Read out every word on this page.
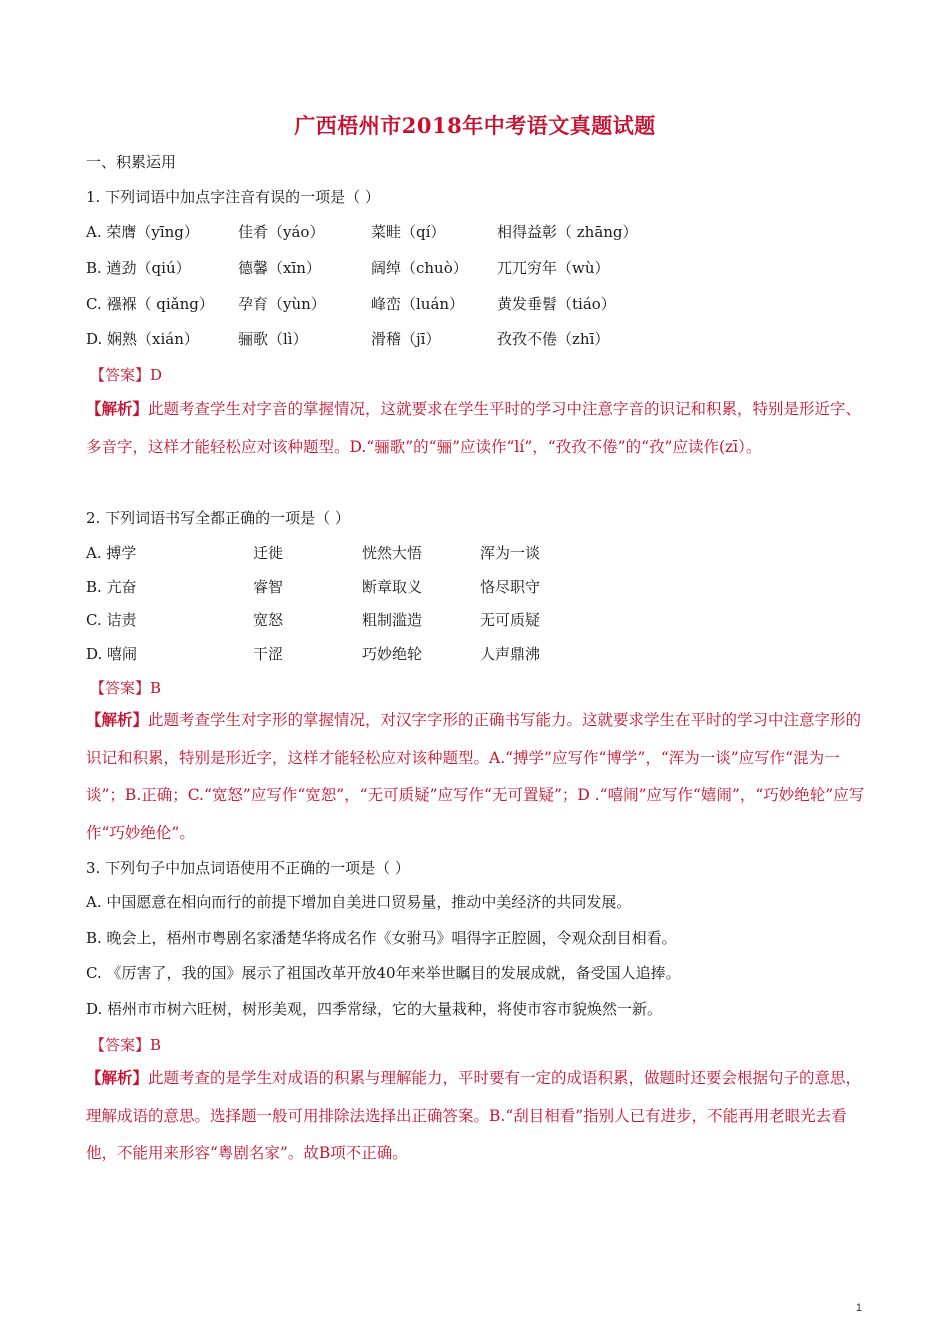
广西梧州市2018年中考语文真题试题
一、积累运用
1. 下列词语中加点字注音有误的一项是（ ）
A. 荣膺（yīng）	佳肴（yáo）	菜畦（qí）	相得益彰（ zhāng）
B. 遒劲（qiú）	德馨（xīn）	阔绰（chuò） 兀兀穷年（wù）
C. 襁褓（ qiǎng） 孕育（yùn）	峰峦（luán） 黄发垂髫（tiáo）
D. 娴熟（xián）	骊歌（lì）	滑稽（jī）	孜孜不倦（zhī）
【答案】D
【解析】此题考查学生对字音的掌握情况，这就要求在学生平时的学习中注意字音的识记和积累，特别是形近字、多音字，这样才能轻松应对该种题型。D.“骊歌”的“骊”应读作“lí”，“孜孜不倦”的“孜”应读作(zī）。
2. 下列词语书写全都正确的一项是（ ）
A. 搏学	迁徙	恍然大悟	浑为一谈
B. 亢奋	睿智	断章取义	恪尽职守
C. 诘责	宽怒	粗制滥造	无可质疑
D. 嘻闹	干涩	巧妙绝轮	人声鼎沸
【答案】B
【解析】此题考查学生对字形的掌握情况，对汉字字形的正确书写能力。这就要求学生在平时的学习中注意字形的识记和积累，特别是形近字，这样才能轻松应对该种题型。A.“搏学”应写作“博学”，“浑为一谈”应写作“混为一谈”；B.正确；C.“宽怒”应写作“宽恕”，“无可质疑”应写作“无可置疑”；D .“嘻闹”应写作“嬉闹”，“巧妙绝轮”应写作“巧妙绝伦”。
3. 下列句子中加点词语使用不正确的一项是（ ）
A. 中国愿意在相向而行的前提下增加自美进口贸易量，推动中美经济的共同发展。
B. 晚会上，梧州市粤剧名家潘楚华将成名作《女驸马》唱得字正腔圆，令观众刮目相看。
C. 《厉害了，我的国》展示了祖国改革开放40年来举世瞩目的发展成就，备受国人追捧。
D. 梧州市市树六旺树，树形美观，四季常绿，它的大量栽种，将使市容市貌焕然一新。
【答案】B
【解析】此题考查的是学生对成语的积累与理解能力，平时要有一定的成语积累，做题时还要会根据句子的意思，理解成语的意思。选择题一般可用排除法选择出正确答案。B.“刮目相看”指别人已有进步，不能再用老眼光去看他，不能用来形容“粤剧名家”。故B项不正确。
1
